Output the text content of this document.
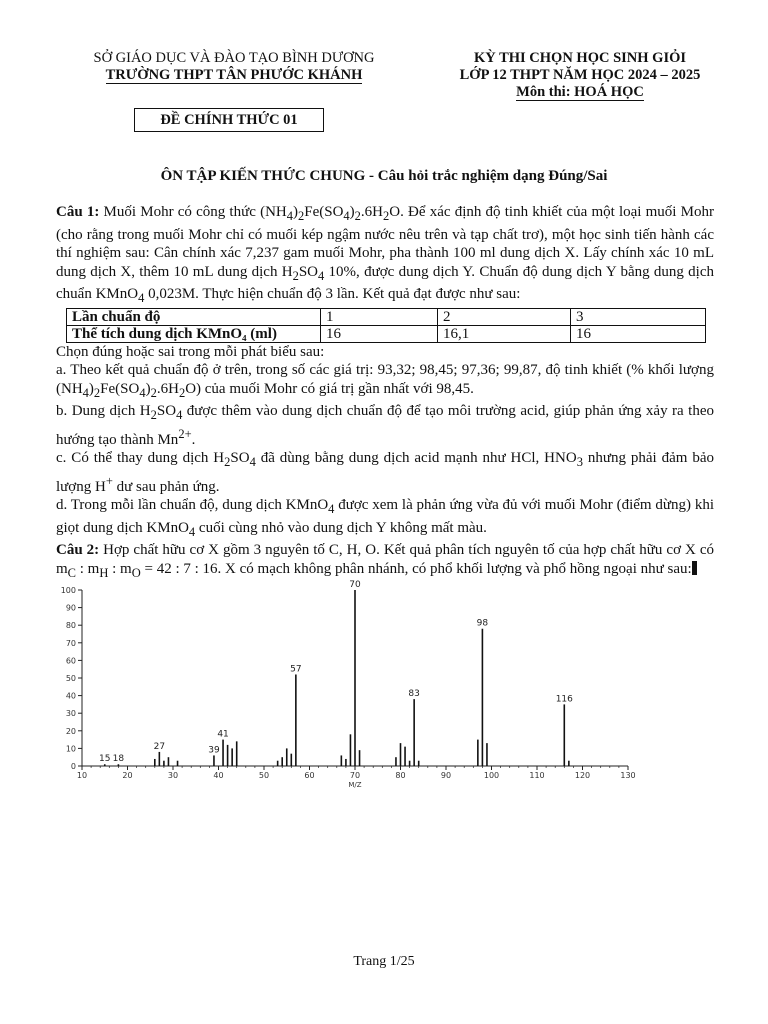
SỞ GIÁO DỤC VÀ ĐÀO TẠO BÌNH DƯƠNG
TRƯỜNG THPT TÂN PHƯỚC KHÁNH
KỲ THI CHỌN HỌC SINH GIỎI
LỚP 12 THPT NĂM HỌC 2024 – 2025
Môn thi: HOÁ HỌC
ĐỀ CHÍNH THỨC 01
ÔN TẬP KIẾN THỨC CHUNG - Câu hỏi trắc nghiệm dạng Đúng/Sai

Câu 1: Muối Mohr có công thức $(NH_4)_2Fe(SO_4)_2.6H_2O$. Để xác định độ tinh khiết của một loại muối Mohr (cho rằng trong muối Mohr chỉ có muối kép ngậm nước nêu trên và tạp chất trơ), một học sinh tiến hành các thí nghiệm sau: Cân chính xác 7,237 gam muối Mohr, pha thành 100 ml dung dịch X. Lấy chính xác 10 mL dung dịch X, thêm 10 mL dung dịch $H_2SO_4$ 10%, được dung dịch Y. Chuẩn độ dung dịch Y bằng dung dịch chuẩn KMnO$_4$ 0,023M. Thực hiện chuẩn độ 3 lần. Kết quả đạt được như sau:

Lần chuẩn độ	1	2	3
Thể tích dung dịch KMnO₄ (ml)	16	16,1	16

Chọn đúng hoặc sai trong mỗi phát biểu sau:

a. Theo kết quả chuẩn độ ở trên, trong số các giá trị: 93,32; 98,45; 97,36; 99,87, độ tinh khiết (% khối lượng $(NH_4)_2Fe(SO_4)_2.6H_2O$) của muối Mohr có giá trị gần nhất với 98,45.

b. Dung dịch $H_2SO_4$ được thêm vào dung dịch chuẩn độ để tạo môi trường acid, giúp phản ứng xảy ra theo hướng tạo thành $Mn^{2+}$.

c. Có thể thay dung dịch $H_2SO_4$ đã dùng bằng dung dịch acid mạnh như HCl, $HNO_3$ nhưng phải đảm bảo lượng H+ dư sau phản ứng.

d. Trong mỗi lần chuẩn độ, dung dịch KMnO$_4$ được xem là phản ứng vừa đủ với muối Mohr (điểm dừng) khi giọt dung dịch KMnO$_4$ cuối cùng nhỏ vào dung dịch Y không mất màu.

Câu 2: Hợp chất hữu cơ X gồm 3 nguyên tố C, H, O. Kết quả phân tích nguyên tố của hợp chất hữu cơ X có $m_C$ : $m_H$ : $m_O = 42$ : 7 : 16. X có mạch không phân nhánh, có phổ khối lượng và phổ hồng ngoại như sau:

0
10
20
30
40
50
60
70
80
90
100
10	20	30	40	50	60	70	80	90	100	110	120	130
M/Z
15 18
27	39
41
57
70
83
98
116
Trang 1/25
